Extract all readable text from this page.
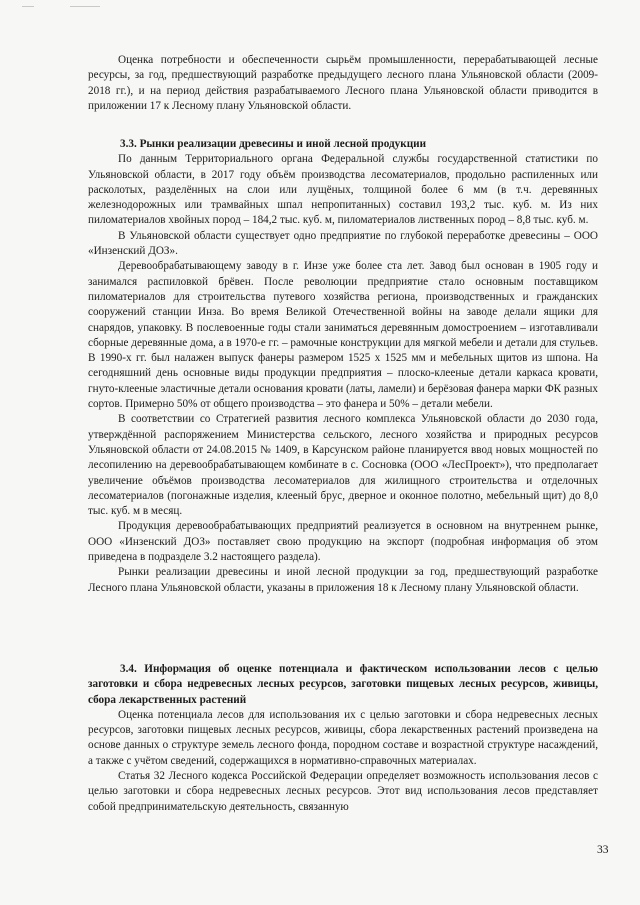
Оценка потребности и обеспеченности сырьём промышленности, перерабатывающей лесные ресурсы, за год, предшествующий разработке предыдущего лесного плана Ульяновской области (2009-2018 гг.), и на период действия разрабатываемого Лесного плана Ульяновской области приводится в приложении 17 к Лесному плану Ульяновской области.

3.3. Рынки реализации древесины и иной лесной продукции

По данным Территориального органа Федеральной службы государственной статистики по Ульяновской области, в 2017 году объём производства лесоматериалов, продольно распиленных или расколотых, разделённых на слои или лущёных, толщиной более 6 мм (в т.ч. деревянных железнодорожных или трамвайных шпал непропитанных) составил 193,2 тыс. куб. м. Из них пиломатериалов хвойных пород – 184,2 тыс. куб. м, пиломатериалов лиственных пород – 8,8 тыс. куб. м.

В Ульяновской области существует одно предприятие по глубокой переработке древесины – ООО «Инзенский ДОЗ».

Деревообрабатывающему заводу в г. Инзе уже более ста лет. Завод был основан в 1905 году и занимался распиловкой брёвен. После революции предприятие стало основным поставщиком пиломатериалов для строительства путевого хозяйства региона, производственных и гражданских сооружений станции Инза. Во время Великой Отечественной войны на заводе делали ящики для снарядов, упаковку. В послевоенные годы стали заниматься деревянным домостроением – изготавливали сборные деревянные дома, а в 1970-е гг. – рамочные конструкции для мягкой мебели и детали для стульев. В 1990-х гг. был налажен выпуск фанеры размером 1525 х 1525 мм и мебельных щитов из шпона. На сегодняшний день основные виды продукции предприятия – плоско-клееные детали каркаса кровати, гнуто-клееные эластичные детали основания кровати (латы, ламели) и берёзовая фанера марки ФК разных сортов. Примерно 50% от общего производства – это фанера и 50% – детали мебели.

В соответствии со Стратегией развития лесного комплекса Ульяновской области до 2030 года, утверждённой распоряжением Министерства сельского, лесного хозяйства и природных ресурсов Ульяновской области от 24.08.2015 № 1409, в Карсунском районе планируется ввод новых мощностей по лесопилению на деревообрабатывающем комбинате в с. Сосновка (ООО «ЛесПроект»), что предполагает увеличение объёмов производства лесоматериалов для жилищного строительства и отделочных лесоматериалов (погонажные изделия, клееный брус, дверное и оконное полотно, мебельный щит) до 8,0 тыс. куб. м в месяц.

Продукция деревообрабатывающих предприятий реализуется в основном на внутреннем рынке, ООО «Инзенский ДОЗ» поставляет свою продукцию на экспорт (подробная информация об этом приведена в подразделе 3.2 настоящего раздела).

Рынки реализации древесины и иной лесной продукции за год, предшествующий разработке Лесного плана Ульяновской области, указаны в приложения 18 к Лесному плану Ульяновской области.

3.4. Информация об оценке потенциала и фактическом использовании лесов с целью заготовки и сбора недревесных лесных ресурсов, заготовки пищевых лесных ресурсов, живицы, сбора лекарственных растений

Оценка потенциала лесов для использования их с целью заготовки и сбора недревесных лесных ресурсов, заготовки пищевых лесных ресурсов, живицы, сбора лекарственных растений произведена на основе данных о структуре земель лесного фонда, породном составе и возрастной структуре насаждений, а также с учётом сведений, содержащихся в нормативно-справочных материалах.

Статья 32 Лесного кодекса Российской Федерации определяет возможность использования лесов с целью заготовки и сбора недревесных лесных ресурсов. Этот вид использования лесов представляет собой предпринимательскую деятельность, связанную

33
